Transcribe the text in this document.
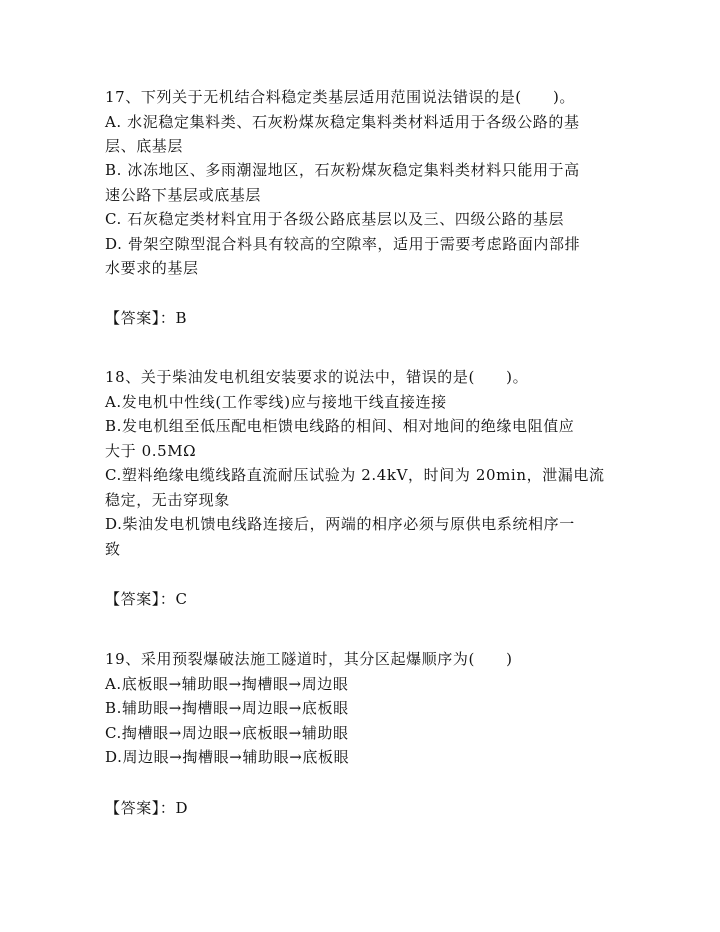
17、下列关于无机结合料稳定类基层适用范围说法错误的是(　　)。
A. 水泥稳定集料类、石灰粉煤灰稳定集料类材料适用于各级公路的基
层、底基层
B. 冰冻地区、多雨潮湿地区，石灰粉煤灰稳定集料类材料只能用于高
速公路下基层或底基层
C. 石灰稳定类材料宜用于各级公路底基层以及三、四级公路的基层
D. 骨架空隙型混合料具有较高的空隙率，适用于需要考虑路面内部排
水要求的基层
【答案】：B
18、关于柴油发电机组安装要求的说法中，错误的是(　　)。
A.发电机中性线(工作零线)应与接地干线直接连接
B.发电机组至低压配电柜馈电线路的相间、相对地间的绝缘电阻值应
大于 0.5MΩ
C.塑料绝缘电缆线路直流耐压试验为 2.4kV，时间为 20min，泄漏电流
稳定，无击穿现象
D.柴油发电机馈电线路连接后，两端的相序必须与原供电系统相序一
致
【答案】：C
19、采用预裂爆破法施工隧道时，其分区起爆顺序为(　　)
A.底板眼→辅助眼→掏槽眼→周边眼
B.辅助眼→掏槽眼→周边眼→底板眼
C.掏槽眼→周边眼→底板眼→辅助眼
D.周边眼→掏槽眼→辅助眼→底板眼
【答案】：D
